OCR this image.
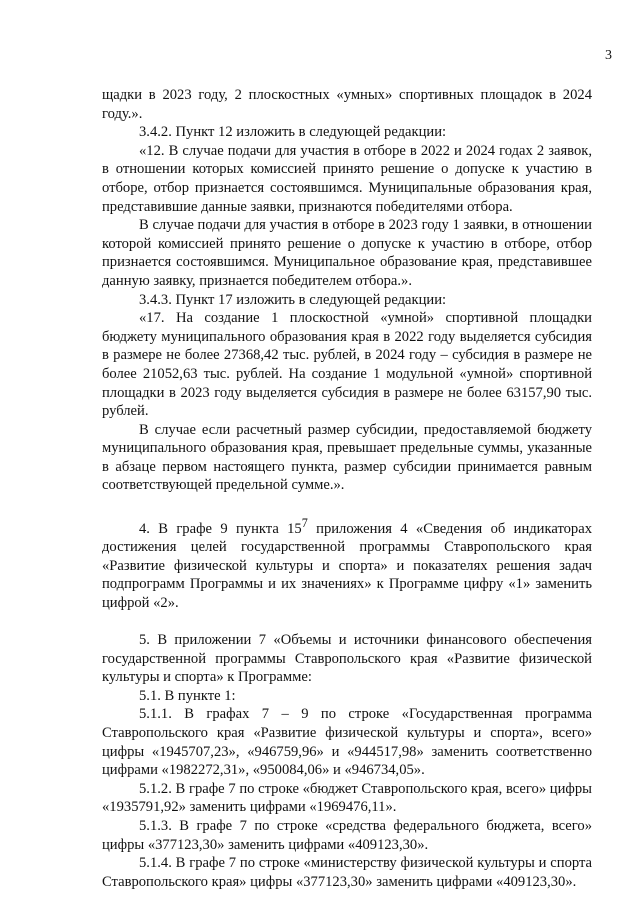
3

щадки в 2023 году, 2 плоскостных «умных» спортивных площадок в 2024 году.».

3.4.2. Пункт 12 изложить в следующей редакции:

«12. В случае подачи для участия в отборе в 2022 и 2024 годах 2 заявок, в отношении которых комиссией принято решение о допуске к участию в отборе, отбор признается состоявшимся. Муниципальные образования края, представившие данные заявки, признаются победителями отбора.

В случае подачи для участия в отборе в 2023 году 1 заявки, в отношении которой комиссией принято решение о допуске к участию в отборе, отбор признается состоявшимся. Муниципальное образование края, представившее данную заявку, признается победителем отбора.».

3.4.3. Пункт 17 изложить в следующей редакции:

«17. На создание 1 плоскостной «умной» спортивной площадки бюджету муниципального образования края в 2022 году выделяется субсидия в размере не более 27368,42 тыс. рублей, в 2024 году – субсидия в размере не более 21052,63 тыс. рублей. На создание 1 модульной «умной» спортивной площадки в 2023 году выделяется субсидия в размере не более 63157,90 тыс. рублей.

В случае если расчетный размер субсидии, предоставляемой бюджету муниципального образования края, превышает предельные суммы, указанные в абзаце первом настоящего пункта, размер субсидии принимается равным соответствующей предельной сумме.».

4. В графе 9 пункта $15^7$ приложения 4 «Сведения об индикаторах достижения целей государственной программы Ставропольского края «Развитие физической культуры и спорта» и показателях решения задач подпрограмм Программы и их значениях» к Программе цифру «1» заменить цифрой «2».

5. В приложении 7 «Объемы и источники финансового обеспечения государственной программы Ставропольского края «Развитие физической культуры и спорта» к Программе:

5.1. В пункте 1:

5.1.1. В графах 7 – 9 по строке «Государственная программа Ставропольского края «Развитие физической культуры и спорта», всего» цифры «1945707,23», «946759,96» и «944517,98» заменить соответственно цифрами «1982272,31», «950084,06» и «946734,05».

5.1.2. В графе 7 по строке «бюджет Ставропольского края, всего» цифры «1935791,92» заменить цифрами «1969476,11».

5.1.3. В графе 7 по строке «средства федерального бюджета, всего» цифры «377123,30» заменить цифрами «409123,30».

5.1.4. В графе 7 по строке «министерству физической культуры и спорта Ставропольского края» цифры «377123,30» заменить цифрами «409123,30».
